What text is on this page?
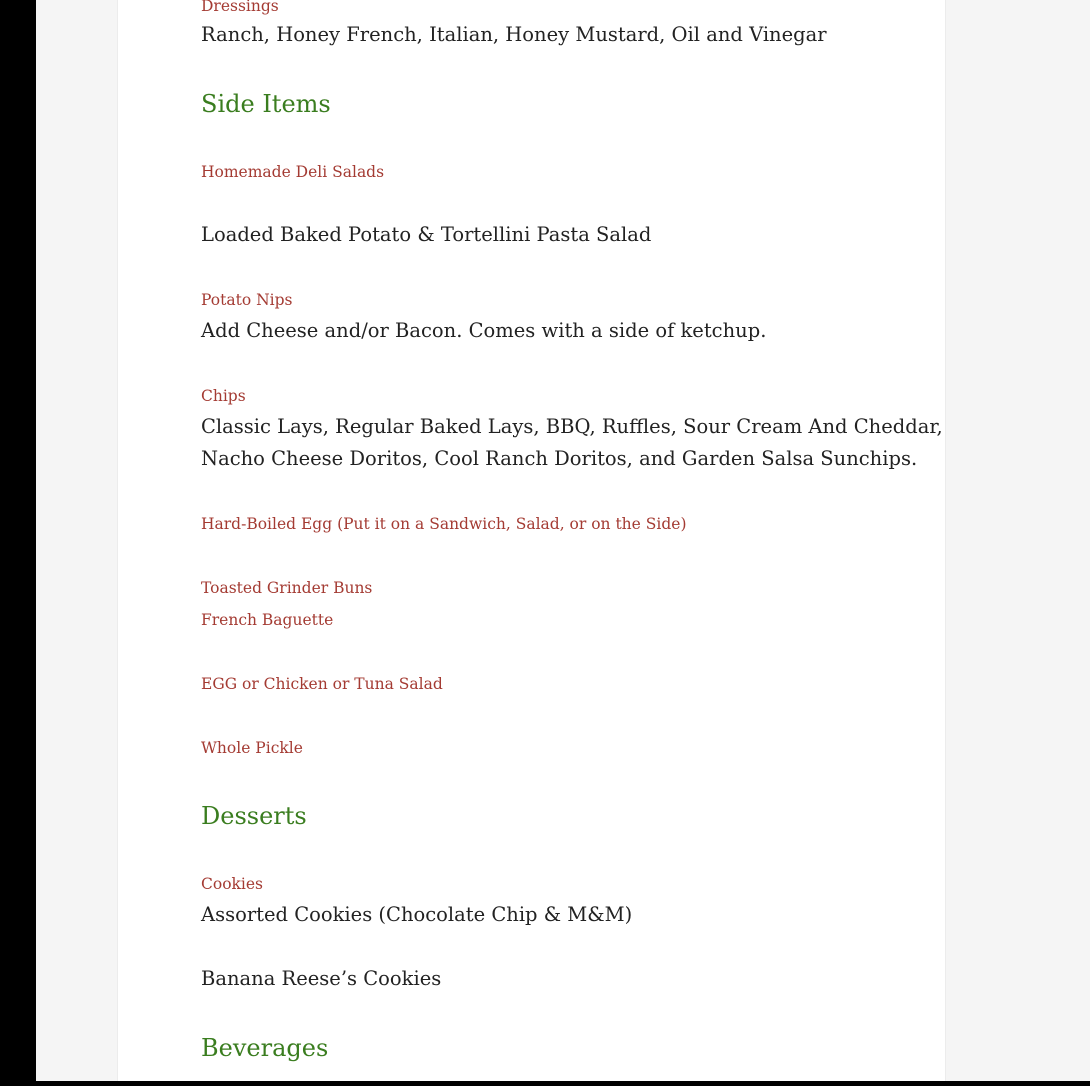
Dressings

Ranch, Honey French, Italian, Honey Mustard, Oil and Vinegar

Side Items
Homemade Deli Salads

Loaded Baked Potato & Tortellini Pasta Salad

Potato Nips

Add Cheese and/or Bacon. Comes with a side of ketchup.

Chips

Classic Lays, Regular Baked Lays, BBQ, Ruffles, Sour Cream And Cheddar,

Nacho Cheese Doritos, Cool Ranch Doritos, and Garden Salsa Sunchips.

Hard-Boiled Egg (Put it on a Sandwich, Salad, or on the Side)
Toasted Grinder Buns
French Baguette
EGG or Chicken or Tuna Salad
Whole Pickle
Desserts
Cookies

Assorted Cookies (Chocolate Chip & M&M)

Banana Reese’s Cookies

Beverages
